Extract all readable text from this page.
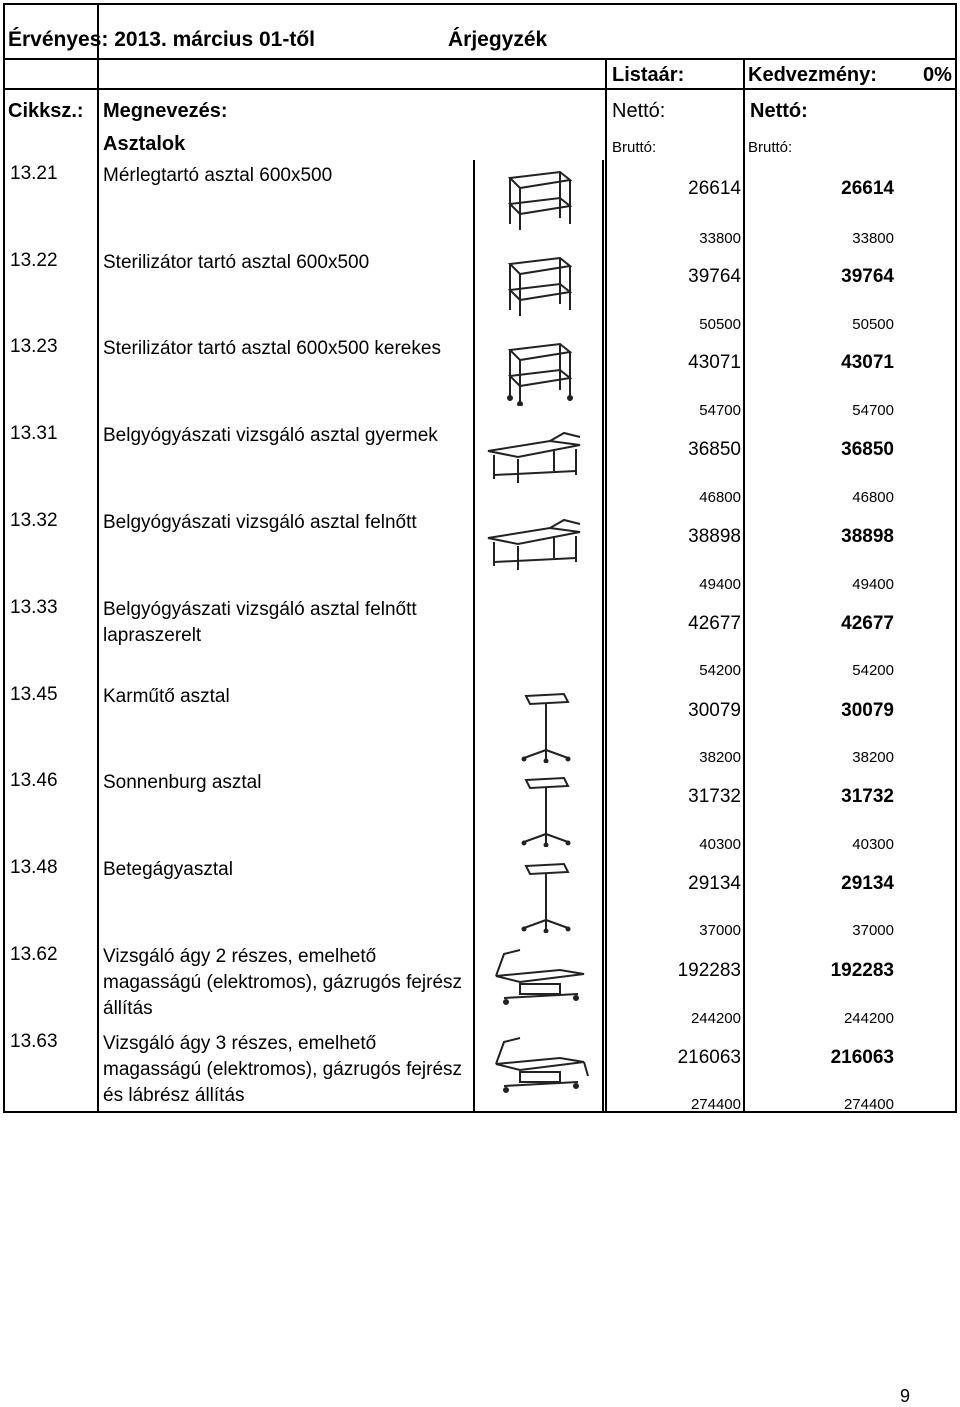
Érvényes: 2013. március 01-től	Árjegyzék
Listaár:	Kedvezmény: 0%
Cikksz.: Megnevezés:	Nettó:	Nettó:
Asztalok	Bruttó:	Bruttó:
13.21 Mérlegtartó asztal 600x500
26614	26614
33800	33800
13.22 Sterilizátor tartó asztal 600x500
39764	39764
50500	50500
13.23 Sterilizátor tartó asztal 600x500 kerekes
43071	43071
54700	54700
13.31 Belgyógyászati vizsgáló asztal gyermek
36850	36850
46800	46800
13.32 Belgyógyászati vizsgáló asztal felnőtt
38898	38898
49400	49400
13.33 Belgyógyászati vizsgáló asztal felnőtt lapraszerelt
42677	42677
54200	54200
13.45 Karműtő asztal
30079	30079
38200	38200
13.46 Sonnenburg asztal
31732	31732
40300	40300
13.48 Betegágyasztal
29134	29134
37000	37000
13.62 Vizsgáló ágy 2 részes, emelhető magasságú (elektromos), gázrugós fejrész állítás
192283	192283
244200	244200
13.63 Vizsgáló ágy 3 részes, emelhető magasságú (elektromos), gázrugós fejrész és lábrész állítás
216063	216063
274400	274400
9
